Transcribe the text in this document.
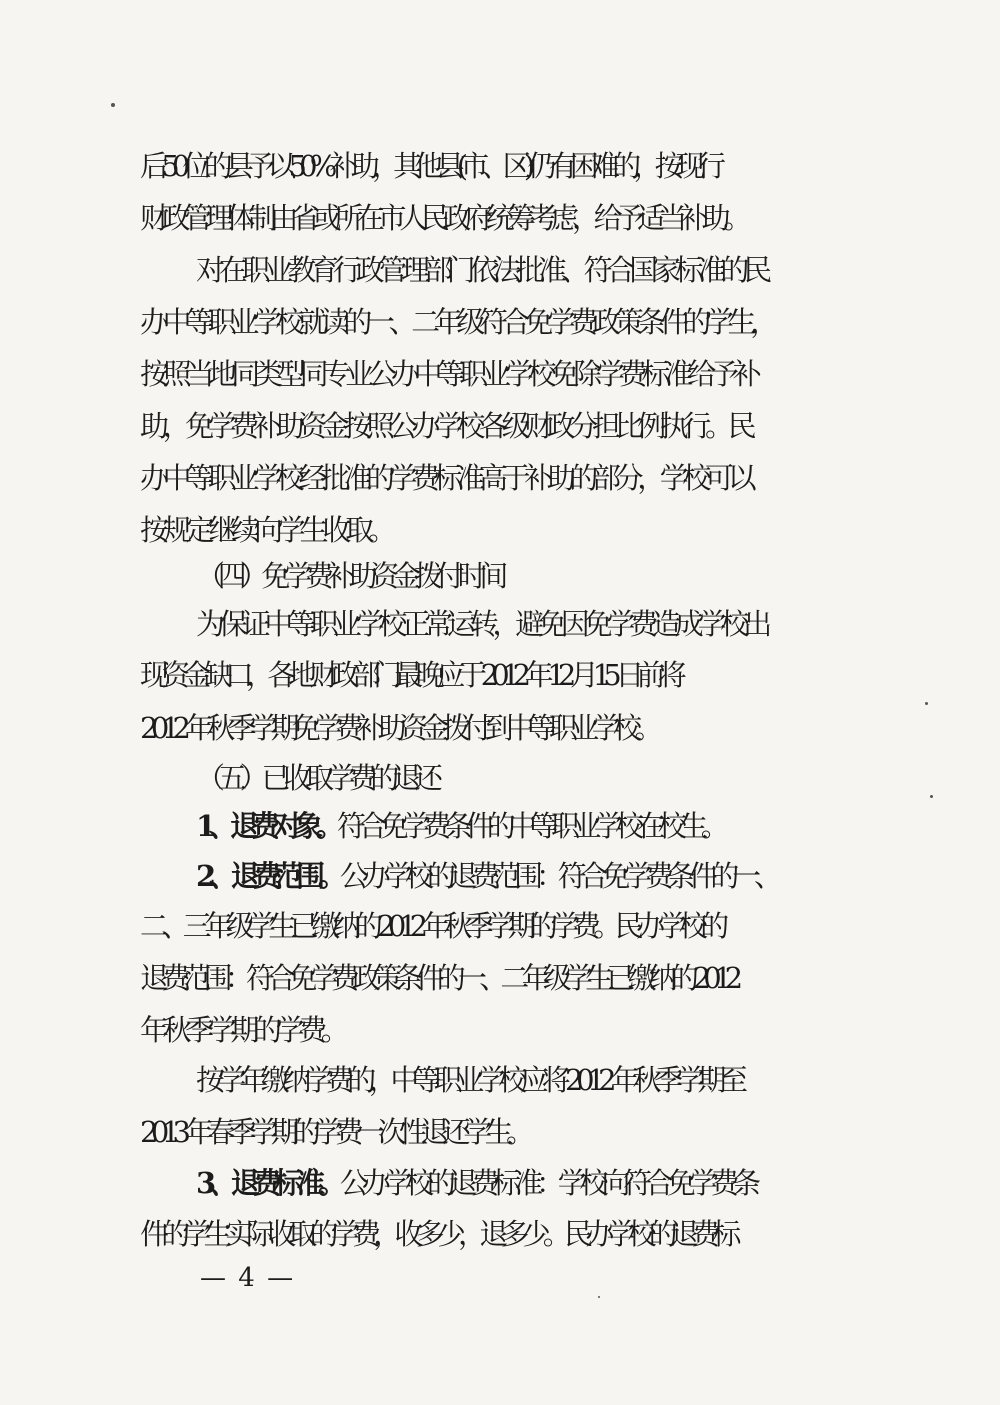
后50位的县予以50%补助，其他县(市、区)仍有困难的，按现行
财政管理体制由省或所在市人民政府统筹考虑，给予适当补助。
对在职业教育行政管理部门依法批准、符合国家标准的民
办中等职业学校就读的一、二年级符合免学费政策条件的学生，
按照当地同类型同专业公办中等职业学校免除学费标准给予补
助，免学费补助资金按照公办学校各级财政分担比例执行。民
办中等职业学校经批准的学费标准高于补助的部分，学校可以
按规定继续向学生收取。
（四）免学费补助资金拨付时间
为保证中等职业学校正常运转，避免因免学费造成学校出
现资金缺口，各地财政部门最晚应于 2012 年 12 月 15 日前将
2012 年秋季学期免学费补助资金拨付到中等职业学校。
（五）已收取学费的退还
1、退费对象。符合免学费条件的中等职业学校在校生。
2、退费范围。公办学校的退费范围：符合免学费条件的一、
二、三年级学生已缴纳的 2012 年秋季学期的学费。民办学校的
退费范围：符合免学费政策条件的一、二年级学生已缴纳的 2012
年秋季学期的学费。
按学年缴纳学费的，中等职业学校应将 2012 年秋季学期至
2013 年春季学期的学费一次性退还学生。
3、退费标准。公办学校的退费标准：学校向符合免学费条
件的学生实际收取的学费，收多少，退多少。民办学校的退费标
— 4 —
